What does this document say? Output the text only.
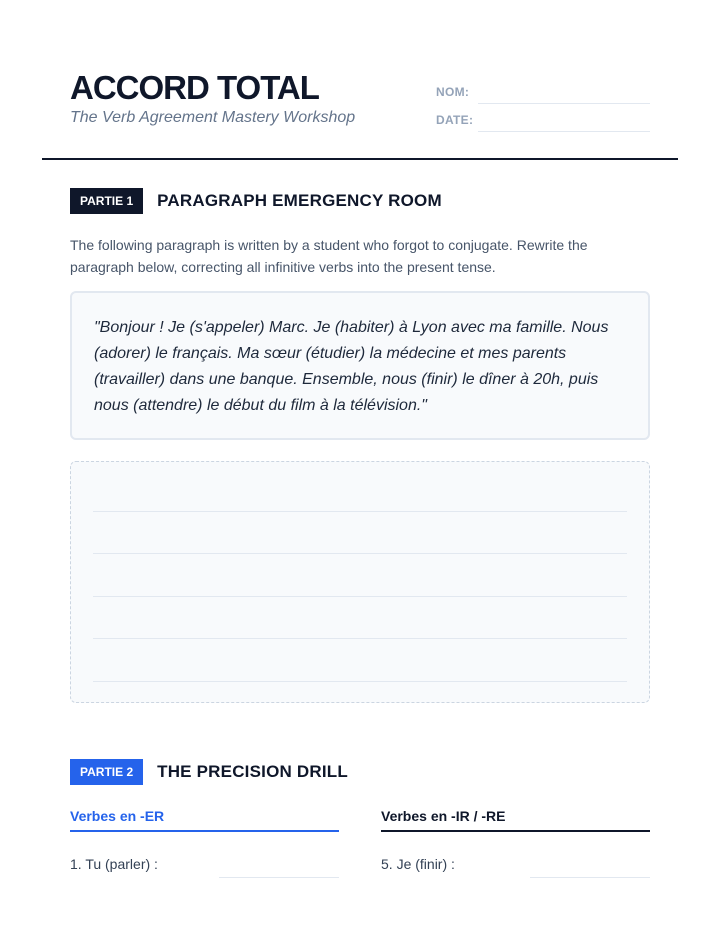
ACCORD TOTAL
The Verb Agreement Mastery Workshop
NOM:
DATE:
PARTIE 1	PARAGRAPH EMERGENCY ROOM

The following paragraph is written by a student who forgot to conjugate. Rewrite the paragraph below, correcting all infinitive verbs into the present tense.

"Bonjour ! Je (s'appeler) Marc. Je (habiter) à Lyon avec ma famille. Nous (adorer) le français. Ma sœur (étudier) la médecine et mes parents (travailler) dans une banque. Ensemble, nous (finir) le dîner à 20h, puis nous (attendre) le début du film à la télévision."

PARTIE 2	THE PRECISION DRILL
Verbes en -ER
1. Tu (parler) :
Verbes en -IR / -RE
5. Je (finir) :
